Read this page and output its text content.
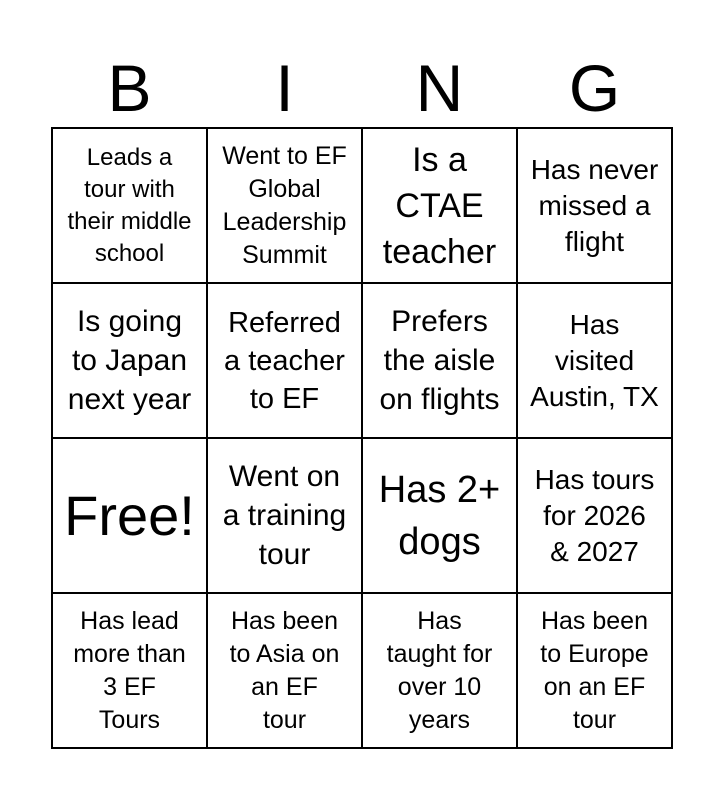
B	I	N	G
Leads a
tour with
their middle
school
Went to EF
Global
Leadership
Summit
Is a
CTAE
teacher
Has never
missed a
flight
Is going
to Japan
next year
Referred
a teacher
to EF
Prefers
the aisle
on flights
Has
visited
Austin, TX
Free!
Went on
a training
tour
Has 2+
dogs
Has tours
for 2026
& 2027
Has lead
more than
3 EF
Tours
Has been
to Asia on
an EF
tour
Has
taught for
over 10
years
Has been
to Europe
on an EF
tour
